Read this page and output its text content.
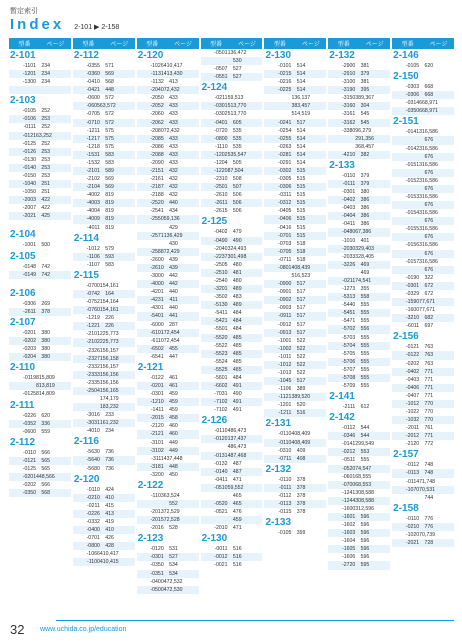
暫定索引
Index 2-101 ▶ 2-158
型番	ページ
2-101
-1101	234
-1201	234
-1300	234
2-103
-0105	252
-0106	253
-0111	252
-0121 63,252
-0125	252
-0126	253
-0130	253
-0140	253
-0150	253
-1040	251
-1050	251
-2003	422
-2007	422
-2021	425
2-104
-1001	500
2-105
-0148	742
-0149	742
2-106
-0306	269
-2611	378
2-107
-0201	380
-0202	380
-0203	380
-0204	380
2-110
-0119 815,809
813,819
-0125 814,809
2-111
-0226	620
-0352	336
-0600	559
2-112
-0110	566
-0121	565
-0125	565
-0201 448,566
-0202	566
-0350	568
型番	ページ
2-112
-0355	571
-0360	569
-0410	568
-0421	448
-0600	572
-0605 63,572
-0705	572
-0710	572
-1211	575
-1217	575
-1218	575
-1531	583
-1532	583
-2101	589
-2102	569
-2104	569
-4002	819
-4003	819
-4004	819
-4009	819
-4011	819
2-114
-1012	579
-1106	593
-1107	583
2-115
-0700 154,161
-0742	164
-0752 154,164
-0760 154,161
-1219	226
-1221	226
-2101 225,773
-2102 225,773
-2326 156,157
-2327 156,158
-2332 156,157
-2333 156,156
-2335 156,156
-2504 156,165
174,179
183,232
-3016	233
-3031 161,232
-4010	234
2-116
-5630	736
-5640	736
-5680	736
2-120
-0110	424
-0210	410
-0211	415
-0226	413
-0332	419
-0400	410
-0701	426
-0800	428
-1066 410,417
-1100 410,415
型番	ページ
2-120
-1026 410,417
-1131 413,430
-1132	413
-2040 72,432
-2050	433
-2052	433
-2060	433
-2062	433
-2080 72,432
-2085	433
-2086	433
-2088	433
-2090	433
-2151	432
-2161	432
-2187	432
-2188	432
-2520	440
-2541	434
-2550 59,136
429
-2571 136,429
430
-2588 72,429
-2600	439
-2610	439
-3000	442
-4000	442
-4201	440
-4231	411
-4301	440
-5401	441
-6000	287
-6101 72,454
-6110 72,454
-6502	455
-6541	447
2-121
-0122	461
-0201	461
-0301	459
-1210	459
-1411	459
-2015	458
-2120	460
-2121	460
-3101	449
-3102	449
-3111 437,448
-3181	448
-3200	450
2-122
-1103 63,524
552
-2013 72,529
-2015 72,528
-2016	528
2-123
-0120	531
-0301	527
-0350	534
-0351	534
-0400 472,532
-0500 472,530
型番	ページ
-0501 136,472
530
-0507	527
-0551	527
2-124
-0211 59,513
-0301 513,770
-0302 513,770
-0401	605
-0720	535
-0800	535
-1110	535
-1202 535,547
-1204	505
-1220 87,504
-2310	508
-2501	507
-2610	506
-2611	506
-2615	506
2-125
-0402	479
-0490	490
-2040 324,493
-2237 301,498
-2505	480
-2510	481
-2540	480
-3201	489
-3502	483
-5130	489
-5411	484
-5421	484
-5501	484
-5520	485
-5522	485
-5523	485
-5524	485
-5525	485
-5601	484
-6602	491
-7031	490
-7102	491
-7102	491
2-126
-0110 486,473
-0120 137,437
486,473
-0131 487,468
-0132	487
-0140	487
-0411	471
-0510 59,552
465
-0520	465
-0521	476
459
-2010	471
2-130
-0011	516
-0012	516
-0021	516
型番	ページ
2-130
-0101	514
-0215	514
-0216	514
-0225	514
136,137
383,457
514,519
-0241	517
-0254	514
-0255	514
-0263	514
-0281	514
-0291	514
-0302	515
-0305	515
-0306	515
-0311	515
-0312	515
-0405	515
-0406	515
-0416	515
-0701	515
-0703	518
-0705	518
-0711	518
-0801 408,439
516,523
-0900	517
-0901	517
-0902	517
-0903	517
-0911	517
-0912	517
-0913	517
-1001	522
-1002	522
-1011	522
-1012	522
-1013	522
-1045	517
-1106	389
-1121 389,520
-1201	520
-1211	516
2-131
-0110 408,409
-0110 408,409
-0310	409
-0711	408
2-132
-0110	378
-0111	378
-0112	378
-0113	378
-0115	378
2-133
-0105	399
型番	ページ
2-132
-2900	381
-2910	379
-3100	381
-3190	395
-3150 389,367
-3160	304
-3161	545
-3162	545
-3380 96,279
291,356
368,457
-4210	382
2-133
-0110	379
-0111	379
-0301	380
-0402	386
-0403	386
-0404	386
-0411	386
-0480 67,386
-1010	401
-2030 329,403
-2033 328,405
-3226	469
469
-0211 74,541
-1273	355
-5313	558
-5440	555
-5451	555
-5471	555
-5702	556
-5703	555
-5704	555
-5705	555
-5706	555
-5707	555
-5708	555
-5709	555
2-141
-2111	612
2-142
-0112	544
-0346	544
-0141 299,549
-0212	553
-0511	555
-0520 74,547
-0601 68,555
-0700 68,553
-1241 308,588
-1244 308,588
-1600 312,596
-1601	596
-1602	596
-1603	596
-1604	596
-1605	596
-1606	596
-2720	595
型番	ページ
2-146
-0105	620
2-150
-0303	668
-0306	668
-0314 668,971
-0350 668,971
2-151
-0141 316,586
676
-0142 316,586
676
-0151 316,586
676
-0152 316,586
676
-0153 316,586
676
-0154 316,586
676
-0155 316,586
676
-0156 316,586
676
-0157 316,586
676
-0190	322
-0301	672
-0329	672
-1590 77,671
-1600 77,671
-3210	682
-6011	697
2-156
-0121	763
-0122	763
-0202	763
-0402	771
-0403	771
-0406	771
-0407	771
-1012	770
-1022	770
-1032	770
-2011	761
-2012	771
-2120	772
2-157
-0112	748
-0113	748
-0114 71,748
-1070 70,531
744
2-158
-0110	776
-0210	776
-1020 70,739
-2021	728
32 www.uchida.co.jp/education
